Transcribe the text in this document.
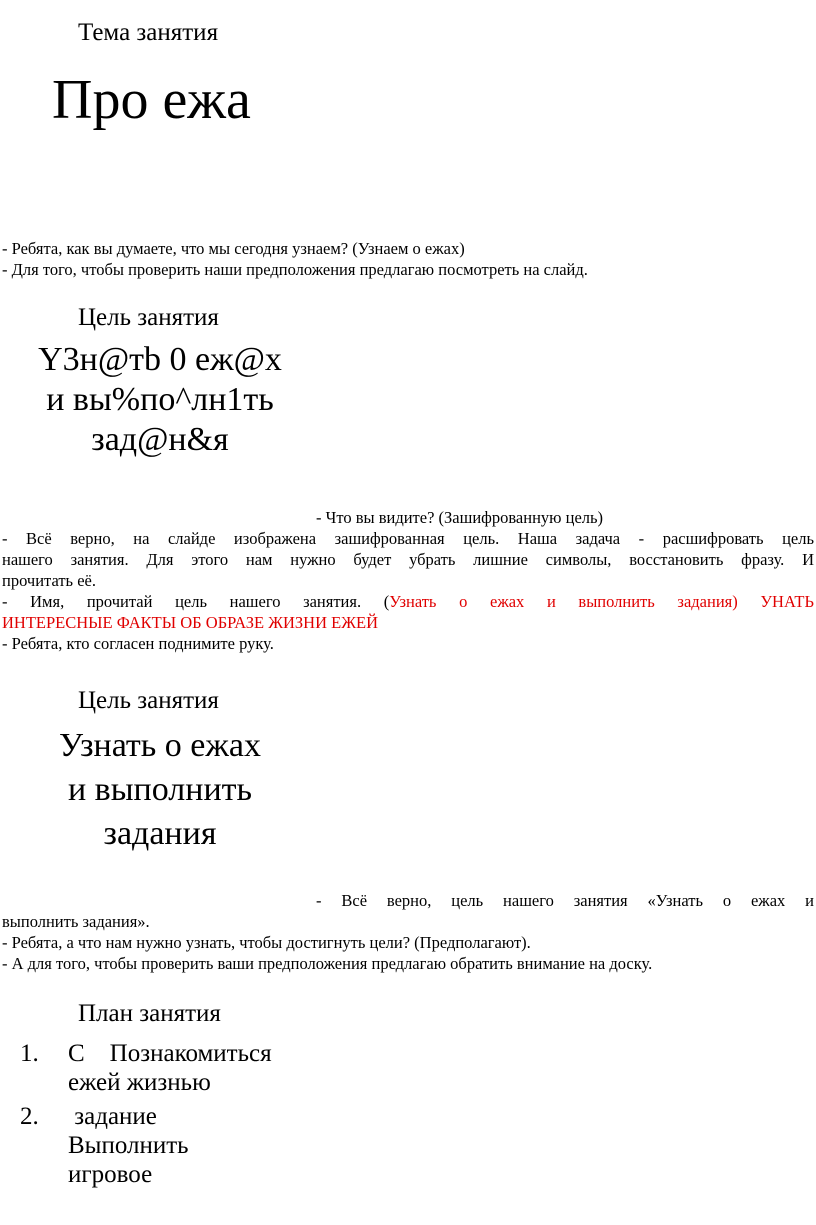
Тема занятия
Про ежа
- Ребята, как вы думаете, что мы сегодня узнаем? (Узнаем о ежах)
- Для того, чтобы проверить наши предположения предлагаю посмотреть на слайд.
Цель занятия
Y3н@тb 0 еж@х
и вы%по^лн1ть
зад@н&я
- Что вы видите? (Зашифрованную цель)
- Всё верно, на слайде изображена зашифрованная цель. Наша задача - расшифровать цель
нашего занятия. Для этого нам нужно будет убрать лишние символы, восстановить фразу. И
прочитать её.
- Имя, прочитай цель нашего занятия. (Узнать о ежах и выполнить задания) УНАТЬ
ИНТЕРЕСНЫЕ ФАКТЫ ОБ ОБРАЗЕ ЖИЗНИ ЕЖЕЙ
- Ребята, кто согласен поднимите руку.
Цель занятия
Узнать о ежах
и выполнить
задания
- Всё верно, цель нашего занятия «Узнать о ежах и
выполнить задания».
- Ребята, а что нам нужно узнать, чтобы достигнуть цели? (Предполагают).
- А для того, чтобы проверить ваши предположения предлагаю обратить внимание на доску.
План занятия
1. С    Познакомиться
ежей жизнью
2. задание
Выполнить
игровое
